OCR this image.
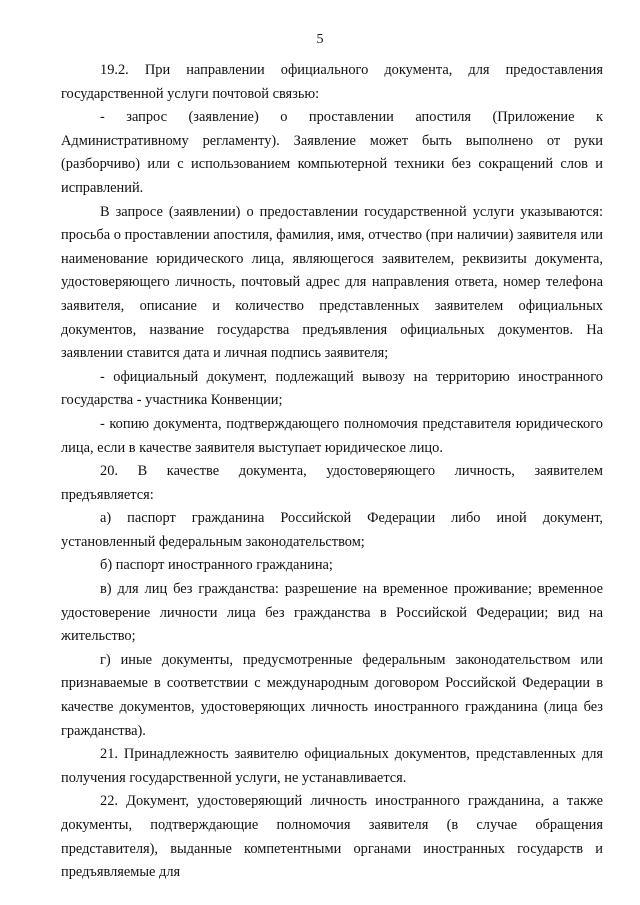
5

19.2. При направлении официального документа, для предоставления государственной услуги почтовой связью:

- запрос (заявление) о проставлении апостиля (Приложение к Административному регламенту). Заявление может быть выполнено от руки (разборчиво) или с использованием компьютерной техники без сокращений слов и исправлений.

В запросе (заявлении) о предоставлении государственной услуги указываются: просьба о проставлении апостиля, фамилия, имя, отчество (при наличии) заявителя или наименование юридического лица, являющегося заявителем, реквизиты документа, удостоверяющего личность, почтовый адрес для направления ответа, номер телефона заявителя, описание и количество представленных заявителем официальных документов, название государства предъявления официальных документов. На заявлении ставится дата и личная подпись заявителя;

- официальный документ, подлежащий вывозу на территорию иностранного государства - участника Конвенции;

- копию документа, подтверждающего полномочия представителя юридического лица, если в качестве заявителя выступает юридическое лицо.

20. В качестве документа, удостоверяющего личность, заявителем предъявляется:

а) паспорт гражданина Российской Федерации либо иной документ, установленный федеральным законодательством;

б) паспорт иностранного гражданина;

в) для лиц без гражданства: разрешение на временное проживание; временное удостоверение личности лица без гражданства в Российской Федерации; вид на жительство;

г) иные документы, предусмотренные федеральным законодательством или признаваемые в соответствии с международным договором Российской Федерации в качестве документов, удостоверяющих личность иностранного гражданина (лица без гражданства).

21. Принадлежность заявителю официальных документов, представленных для получения государственной услуги, не устанавливается.

22. Документ, удостоверяющий личность иностранного гражданина, а также документы, подтверждающие полномочия заявителя (в случае обращения представителя), выданные компетентными органами иностранных государств и предъявляемые для
